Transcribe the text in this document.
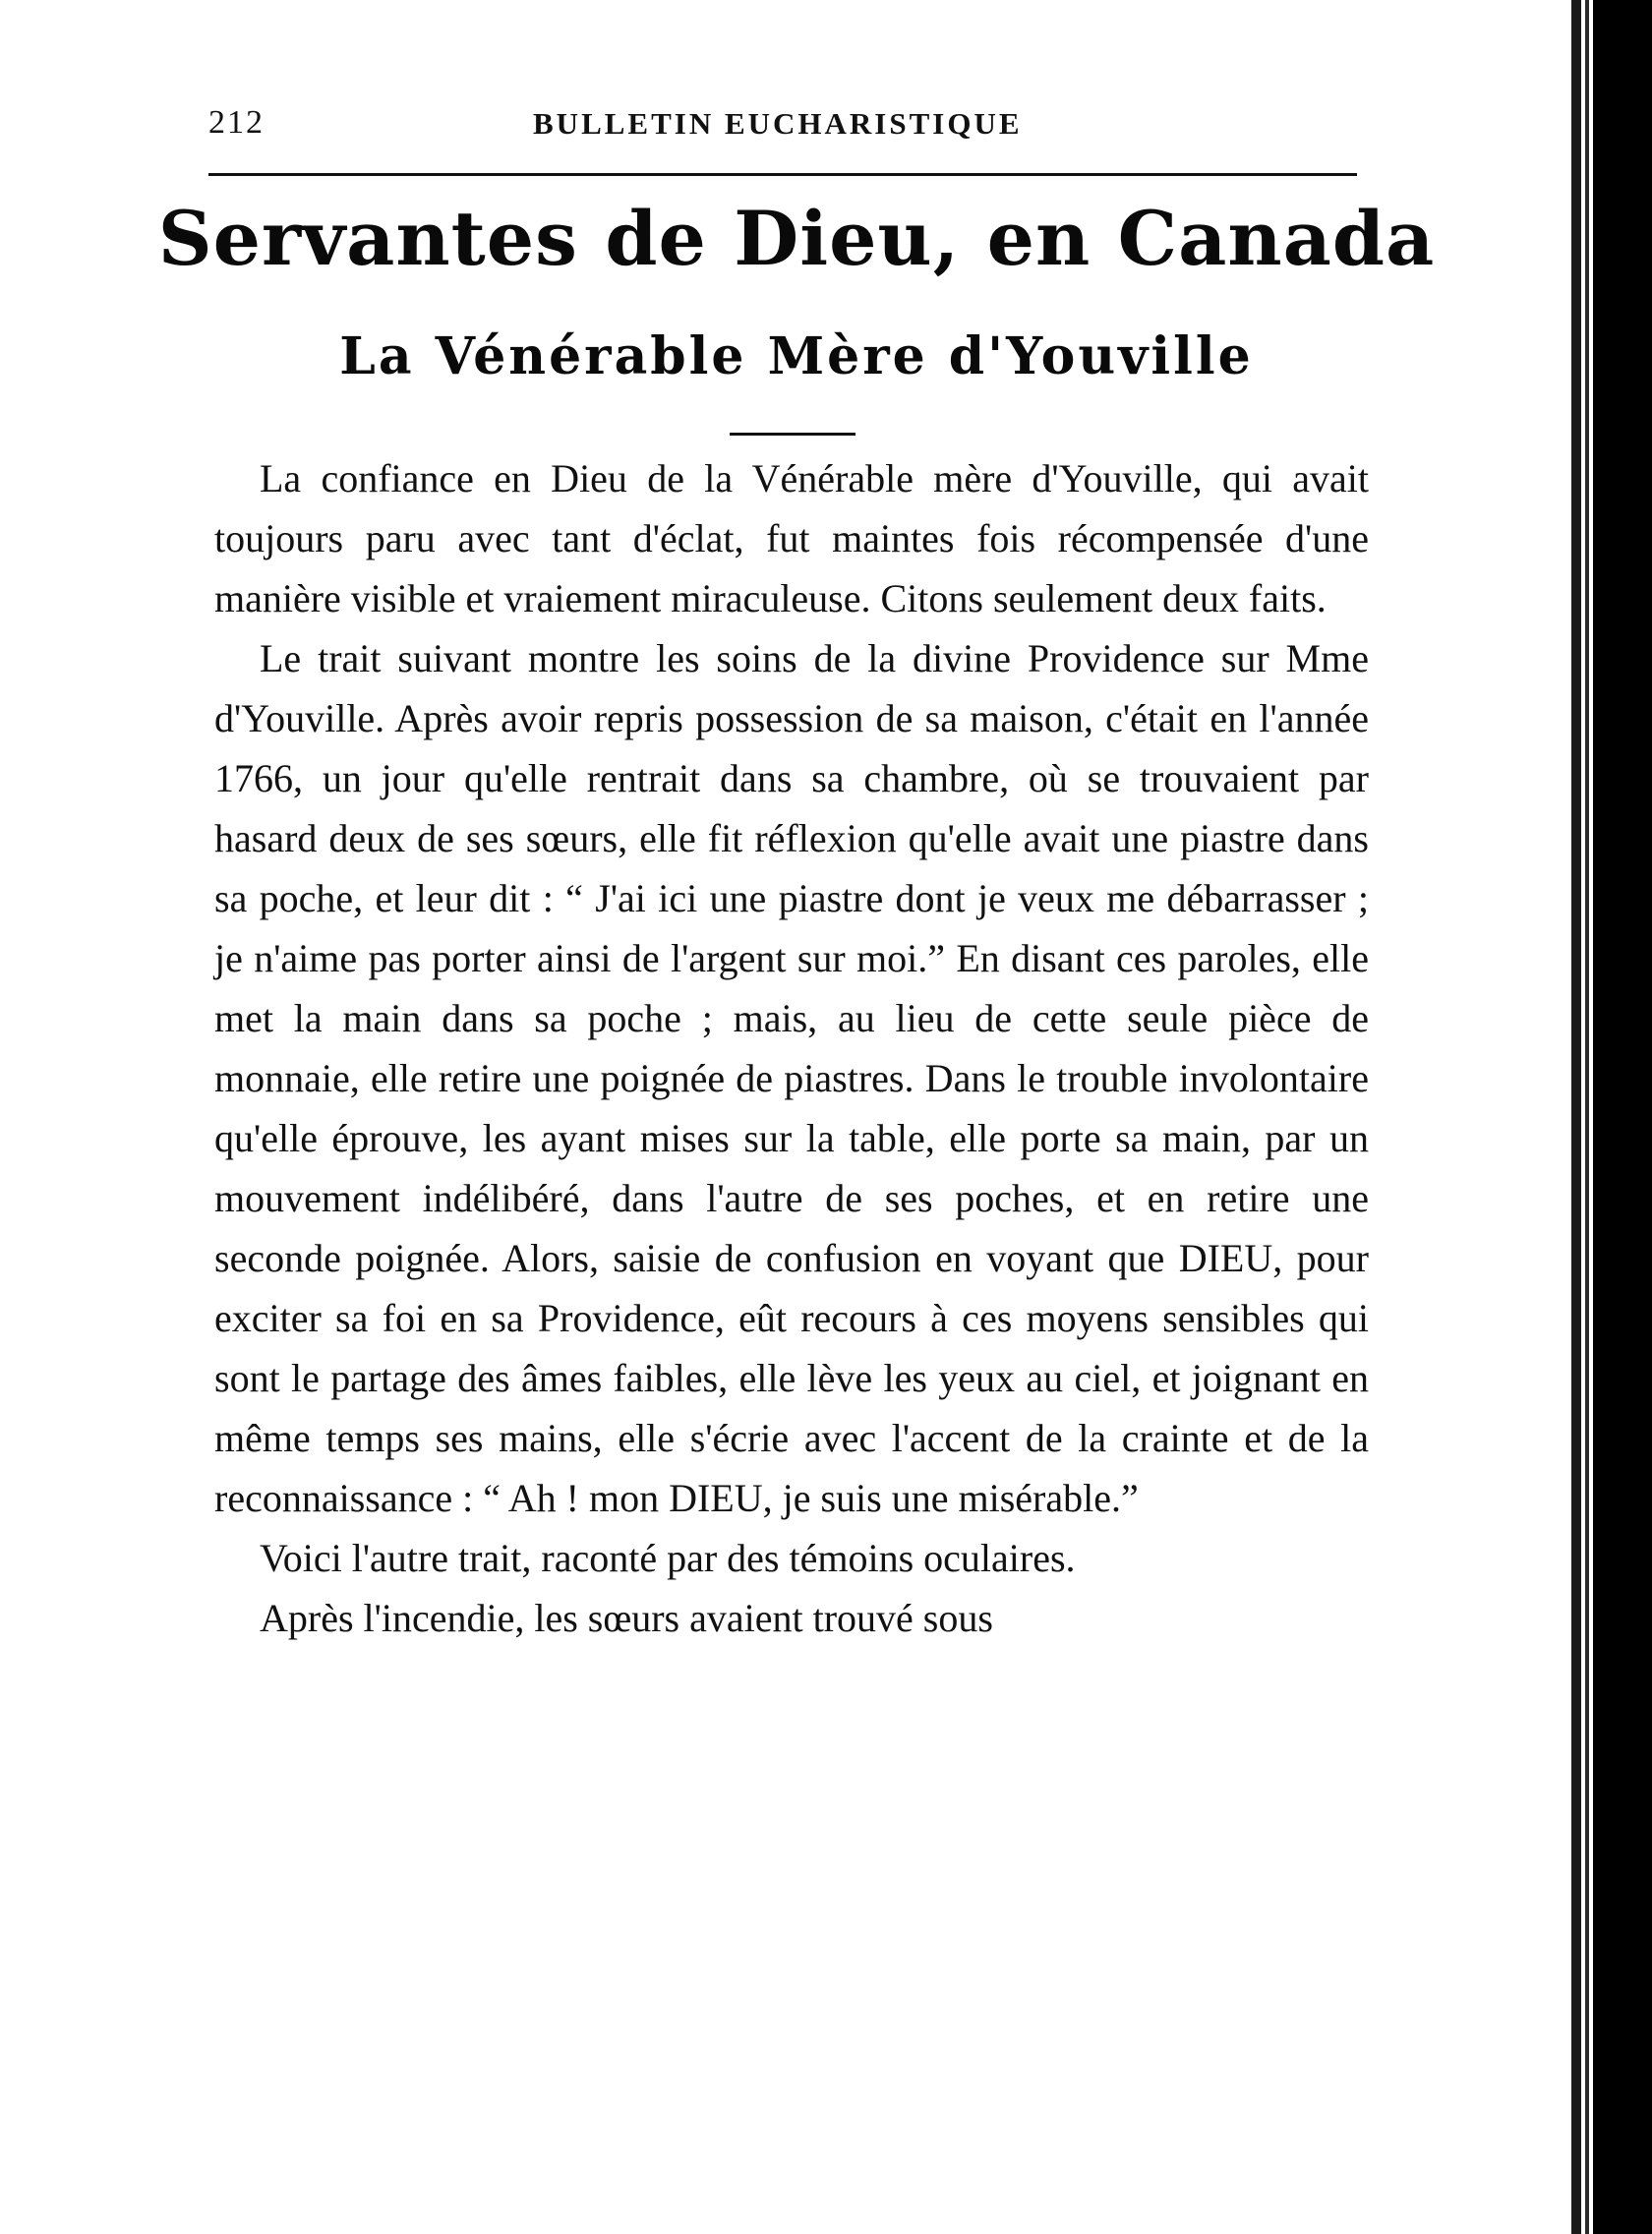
212	BULLETIN EUCHARISTIQUE
Servantes de Dieu, en Canada
La Vénérable Mère d'Youville

La confiance en Dieu de la Vénérable mère d'Youville, qui avait toujours paru avec tant d'éclat, fut maintes fois récompensée d'une manière visible et vraiement miraculeuse. Citons seulement deux faits.

Le trait suivant montre les soins de la divine Providence sur Mme d'Youville. Après avoir repris possession de sa maison, c'était en l'année 1766, un jour qu'elle rentrait dans sa chambre, où se trouvaient par hasard deux de ses sœurs, elle fit réflexion qu'elle avait une piastre dans sa poche, et leur dit : “ J'ai ici une piastre dont je veux me débarrasser ; je n'aime pas porter ainsi de l'argent sur moi.” En disant ces paroles, elle met la main dans sa poche ; mais, au lieu de cette seule pièce de monnaie, elle retire une poignée de piastres. Dans le trouble involontaire qu'elle éprouve, les ayant mises sur la table, elle porte sa main, par un mouvement indélibéré, dans l'autre de ses poches, et en retire une seconde poignée. Alors, saisie de confusion en voyant que DIEU, pour exciter sa foi en sa Providence, eût recours à ces moyens sensibles qui sont le partage des âmes faibles, elle lève les yeux au ciel, et joignant en même temps ses mains, elle s'écrie avec l'accent de la crainte et de la reconnaissance : “ Ah ! mon DIEU, je suis une misérable.”

Voici l'autre trait, raconté par des témoins oculaires.

Après l'incendie, les sœurs avaient trouvé sous
